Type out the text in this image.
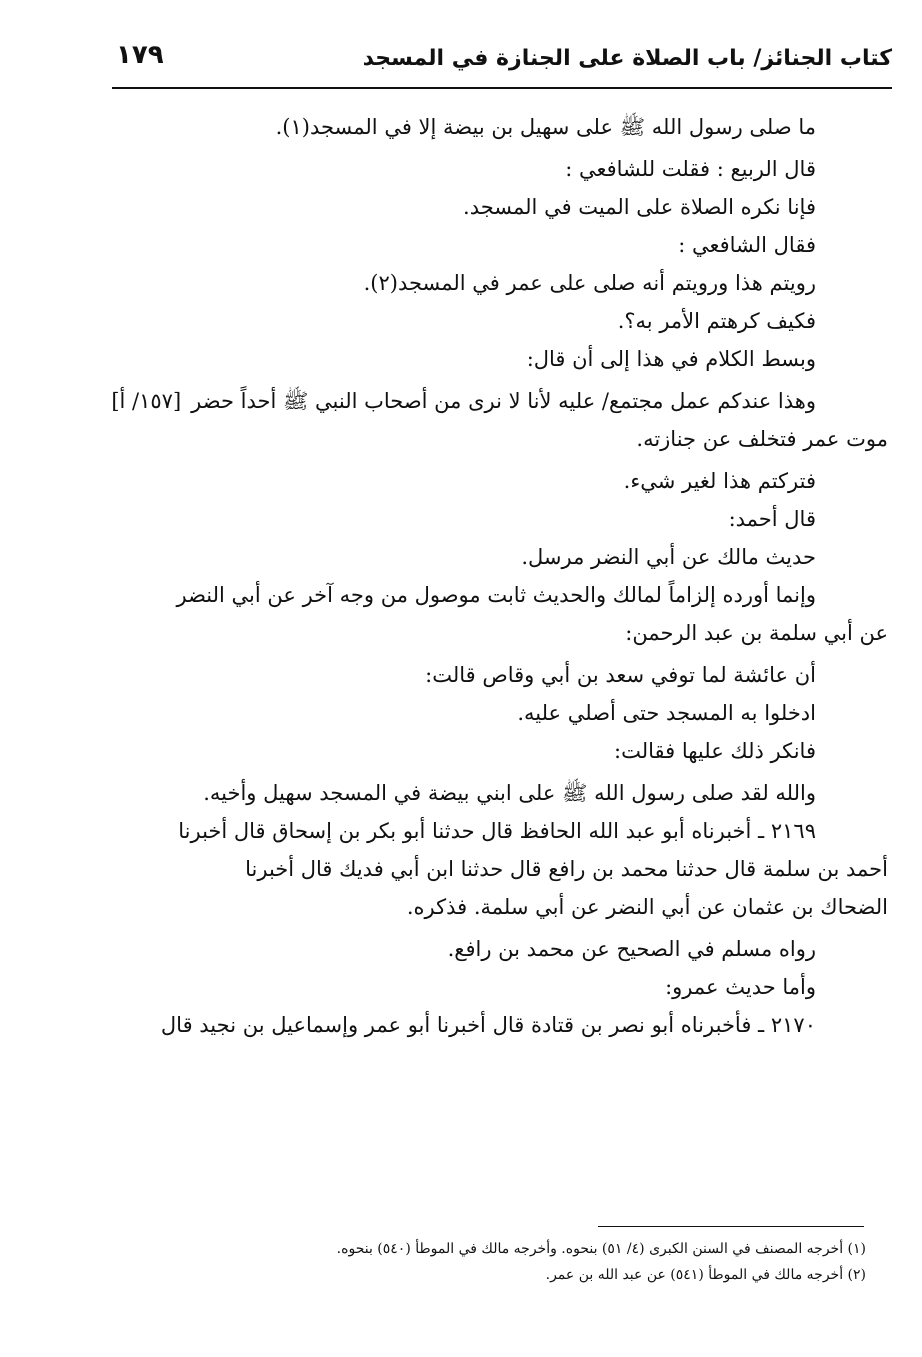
كتاب الجنائز/ باب الصلاة على الجنازة في المسجد
١٧٩
ما صلى رسول الله ﷺ على سهيل بن بيضة إلا في المسجد(١).
قال الربيع : فقلت للشافعي :
فإنا نكره الصلاة على الميت في المسجد.
فقال الشافعي :
رويتم هذا ورويتم أنه صلى على عمر في المسجد(٢).
فكيف كرهتم الأمر به؟.
وبسط الكلام في هذا إلى أن قال:
وهذا عندكم عمل مجتمع/ عليه لأنا لا نرى من أصحاب النبي ﷺ أحداً حضر[١٥٧/ أ]
موت عمر فتخلف عن جنازته.
فتركتم هذا لغير شيء.
قال أحمد:
حديث مالك عن أبي النضر مرسل.
وإنما أورده إلزاماً لمالك والحديث ثابت موصول من وجه آخر عن أبي النضر
عن أبي سلمة بن عبد الرحمن:
أن عائشة لما توفي سعد بن أبي وقاص قالت:
ادخلوا به المسجد حتى أصلي عليه.
فانكر ذلك عليها فقالت:
والله لقد صلى رسول الله ﷺ على ابني بيضة في المسجد سهيل وأخيه.
٢١٦٩ ـ أخبرناه أبو عبد الله الحافظ قال حدثنا أبو بكر بن إسحاق قال أخبرنا
أحمد بن سلمة قال حدثنا محمد بن رافع قال حدثنا ابن أبي فديك قال أخبرنا
الضحاك بن عثمان عن أبي النضر عن أبي سلمة. فذكره.
رواه مسلم في الصحيح عن محمد بن رافع.
وأما حديث عمرو:
٢١٧٠ ـ فأخبرناه أبو نصر بن قتادة قال أخبرنا أبو عمر وإسماعيل بن نجيد قال
(١) أخرجه المصنف في السنن الكبرى (٤/ ٥١) بنحوه. وأخرجه مالك في الموطأ (٥٤٠) بنحوه.
(٢) أخرجه مالك في الموطأ (٥٤١) عن عبد الله بن عمر.
